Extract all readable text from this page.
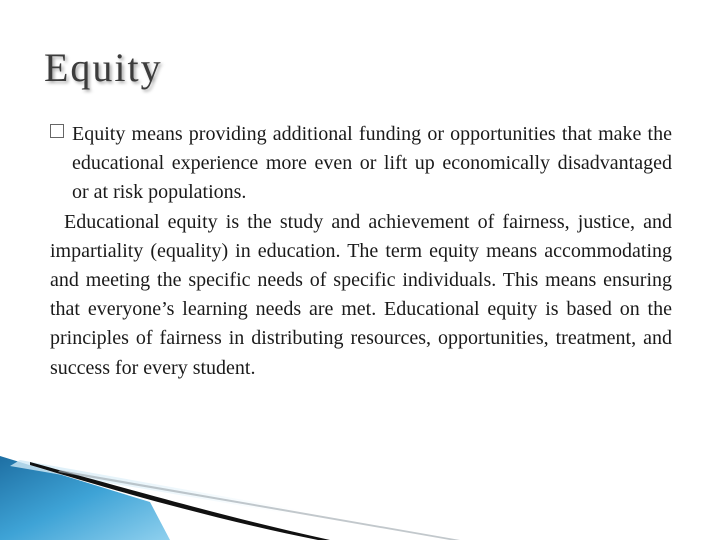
Equity

Equity means providing additional funding or opportunities that make the educational experience more even or lift up economically disadvantaged or at risk populations.

Educational equity is the study and achievement of fairness, justice, and impartiality (equality) in education. The term equity means accommodating and meeting the specific needs of specific individuals. This means ensuring that everyone’s learning needs are met. Educational equity is based on the principles of fairness in distributing resources, opportunities, treatment, and success for every student.
